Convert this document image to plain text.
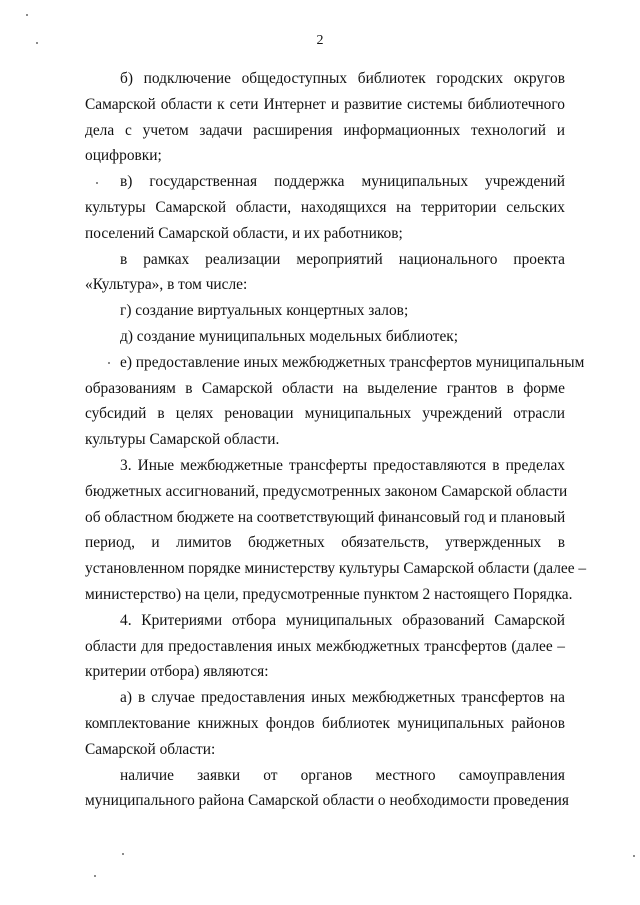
2
б) подключение общедоступных библиотек городских округов
Самарской области к сети Интернет и развитие системы библиотечного
дела с учетом задачи расширения информационных технологий и
оцифровки;
в) государственная поддержка муниципальных учреждений
культуры Самарской области, находящихся на территории сельских
поселений Самарской области, и их работников;
в рамках реализации мероприятий национального проекта
«Культура», в том числе:
г) создание виртуальных концертных залов;
д) создание муниципальных модельных библиотек;
е) предоставление иных межбюджетных трансфертов муниципальным
образованиям в Самарской области на выделение грантов в форме
субсидий в целях реновации муниципальных учреждений отрасли
культуры Самарской области.
3. Иные межбюджетные трансферты предоставляются в пределах
бюджетных ассигнований, предусмотренных законом Самарской области
об областном бюджете на соответствующий финансовый год и плановый
период, и лимитов бюджетных обязательств, утвержденных в
установленном порядке министерству культуры Самарской области (далее –
министерство) на цели, предусмотренные пунктом 2 настоящего Порядка.
4. Критериями отбора муниципальных образований Самарской
области для предоставления иных межбюджетных трансфертов (далее –
критерии отбора) являются:
а) в случае предоставления иных межбюджетных трансфертов на
комплектование книжных фондов библиотек муниципальных районов
Самарской области:
наличие заявки от органов местного самоуправления
муниципального района Самарской области о необходимости проведения
